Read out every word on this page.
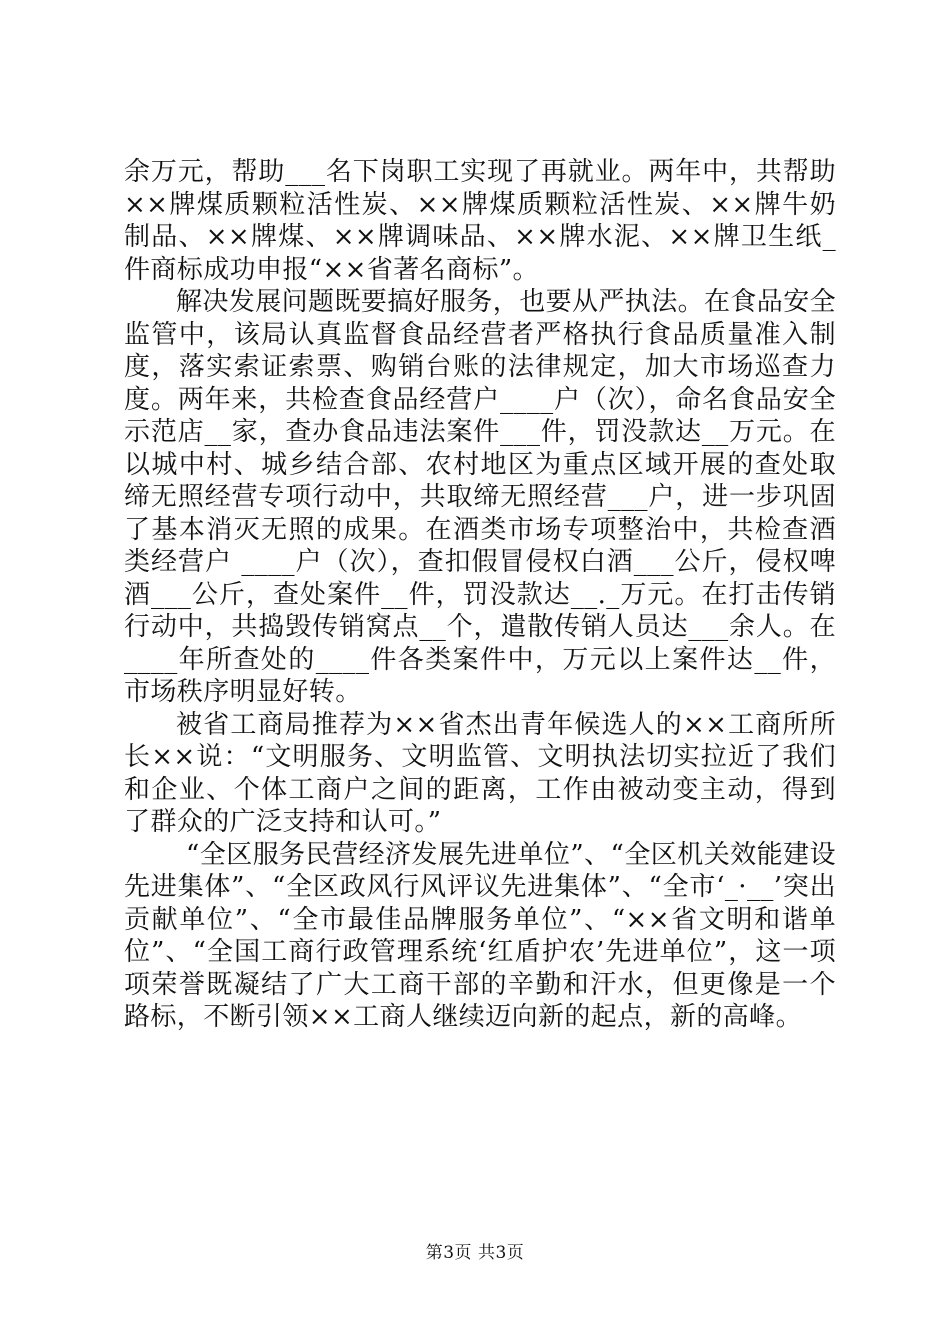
余万元，帮助___名下岗职工实现了再就业。两年中，共帮助××牌煤质颗粒活性炭、××牌煤质颗粒活性炭、××牌牛奶制品、××牌煤、××牌调味品、××牌水泥、××牌卫生纸_件商标成功申报“××省著名商标”。

解决发展问题既要搞好服务，也要从严执法。在食品安全监管中，该局认真监督食品经营者严格执行食品质量准入制度，落实索证索票、购销台账的法律规定，加大市场巡查力度。两年来，共检查食品经营户____户（次），命名食品安全示范店__家，查办食品违法案件___件，罚没款达__万元。在以城中村、城乡结合部、农村地区为重点区域开展的查处取缔无照经营专项行动中，共取缔无照经营___户，进一步巩固了基本消灭无照的成果。在酒类市场专项整治中，共检查酒类经营户 ____户（次），查扣假冒侵权白酒___公斤，侵权啤酒___公斤，查处案件__件，罚没款达__._万元。在打击传销行动中，共捣毁传销窝点__个，遣散传销人员达___余人。在____年所查处的____件各类案件中，万元以上案件达__件，市场秩序明显好转。

被省工商局推荐为××省杰出青年候选人的××工商所所长××说：“文明服务、文明监管、文明执法切实拉近了我们和企业、个体工商户之间的距离，工作由被动变主动，得到了群众的广泛支持和认可。”

“全区服务民营经济发展先进单位”、“全区机关效能建设先进集体”、“全区政风行风评议先进集体”、“全市‘_·__’突出贡献单位”、“全市最佳品牌服务单位”、“××省文明和谐单位”、“全国工商行政管理系统‘红盾护农’先进单位”，这一项项荣誉既凝结了广大工商干部的辛勤和汗水，但更像是一个路标，不断引领××工商人继续迈向新的起点，新的高峰。

第3页 共3页
